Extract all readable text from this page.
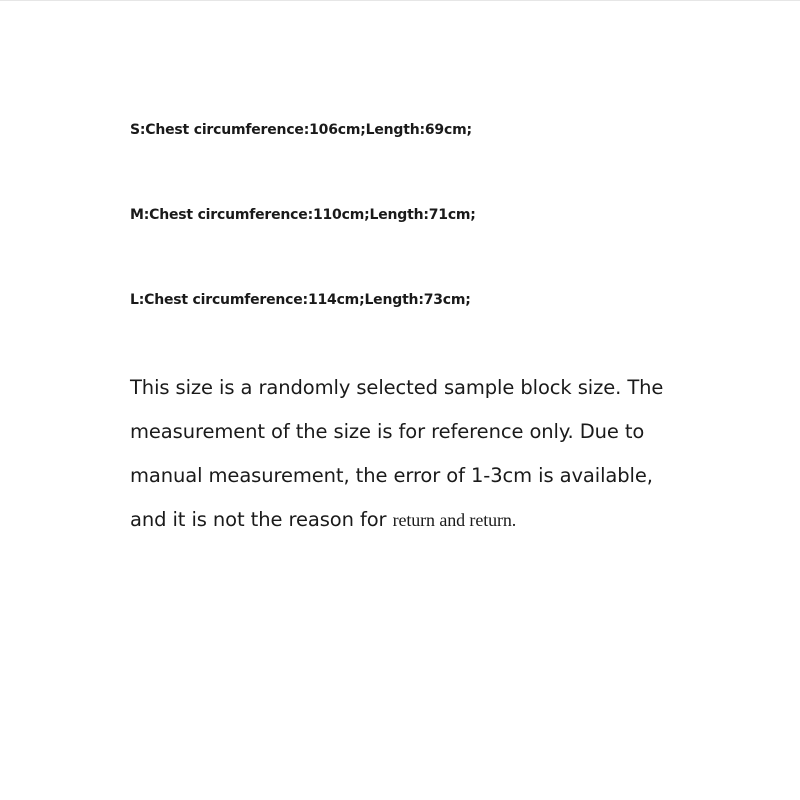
S:Chest circumference:106cm;Length:69cm;

M:Chest circumference:110cm;Length:71cm;

L:Chest circumference:114cm;Length:73cm;

This size is a randomly selected sample block size. The
measurement of the size is for reference only. Due to
manual measurement, the error of 1-3cm is available,
and it is not the reason for return and return.
